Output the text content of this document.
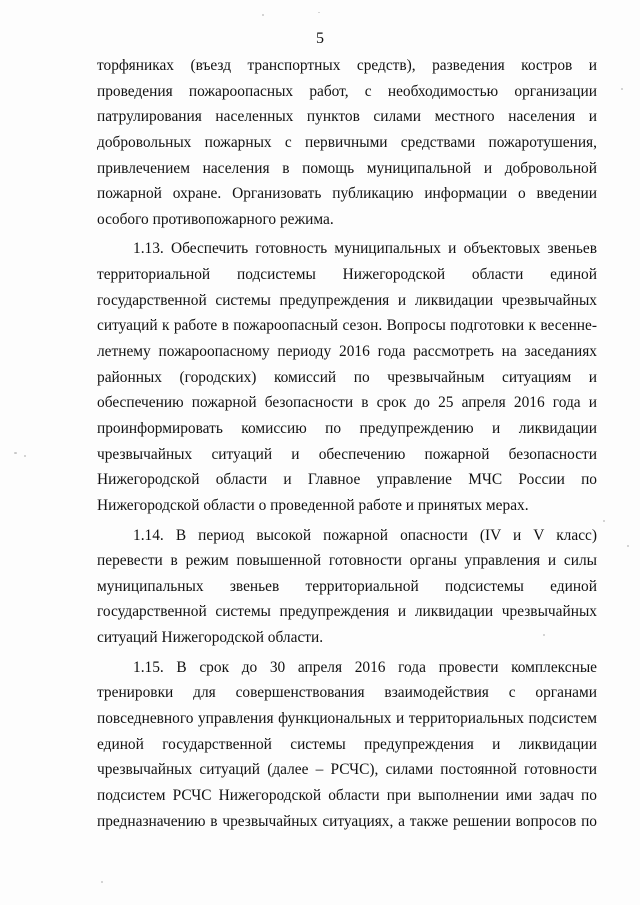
5
торфяниках (въезд транспортных средств), разведения костров и
проведения пожароопасных работ, с необходимостью организации
патрулирования населенных пунктов силами местного населения и
добровольных пожарных с первичными средствами пожаротушения,
привлечением населения в помощь муниципальной и добровольной
пожарной охране. Организовать публикацию информации о введении
особого противопожарного режима.
1.13. Обеспечить готовность муниципальных и объектовых звеньев
территориальной подсистемы Нижегородской области единой
государственной системы предупреждения и ликвидации чрезвычайных
ситуаций к работе в пожароопасный сезон. Вопросы подготовки к весенне-
летнему пожароопасному периоду 2016 года рассмотреть на заседаниях
районных (городских) комиссий по чрезвычайным ситуациям и
обеспечению пожарной безопасности в срок до 25 апреля 2016 года и
проинформировать комиссию по предупреждению и ликвидации
чрезвычайных ситуаций и обеспечению пожарной безопасности
Нижегородской области и Главное управление МЧС России по
Нижегородской области о проведенной работе и принятых мерах.
1.14. В период высокой пожарной опасности (IV и V класс)
перевести в режим повышенной готовности органы управления и силы
муниципальных звеньев территориальной подсистемы единой
государственной системы предупреждения и ликвидации чрезвычайных
ситуаций Нижегородской области.
1.15. В срок до 30 апреля 2016 года провести комплексные
тренировки для совершенствования взаимодействия с органами
повседневного управления функциональных и территориальных подсистем
единой государственной системы предупреждения и ликвидации
чрезвычайных ситуаций (далее – РСЧС), силами постоянной готовности
подсистем РСЧС Нижегородской области при выполнении ими задач по
предназначению в чрезвычайных ситуациях, а также решении вопросов по
